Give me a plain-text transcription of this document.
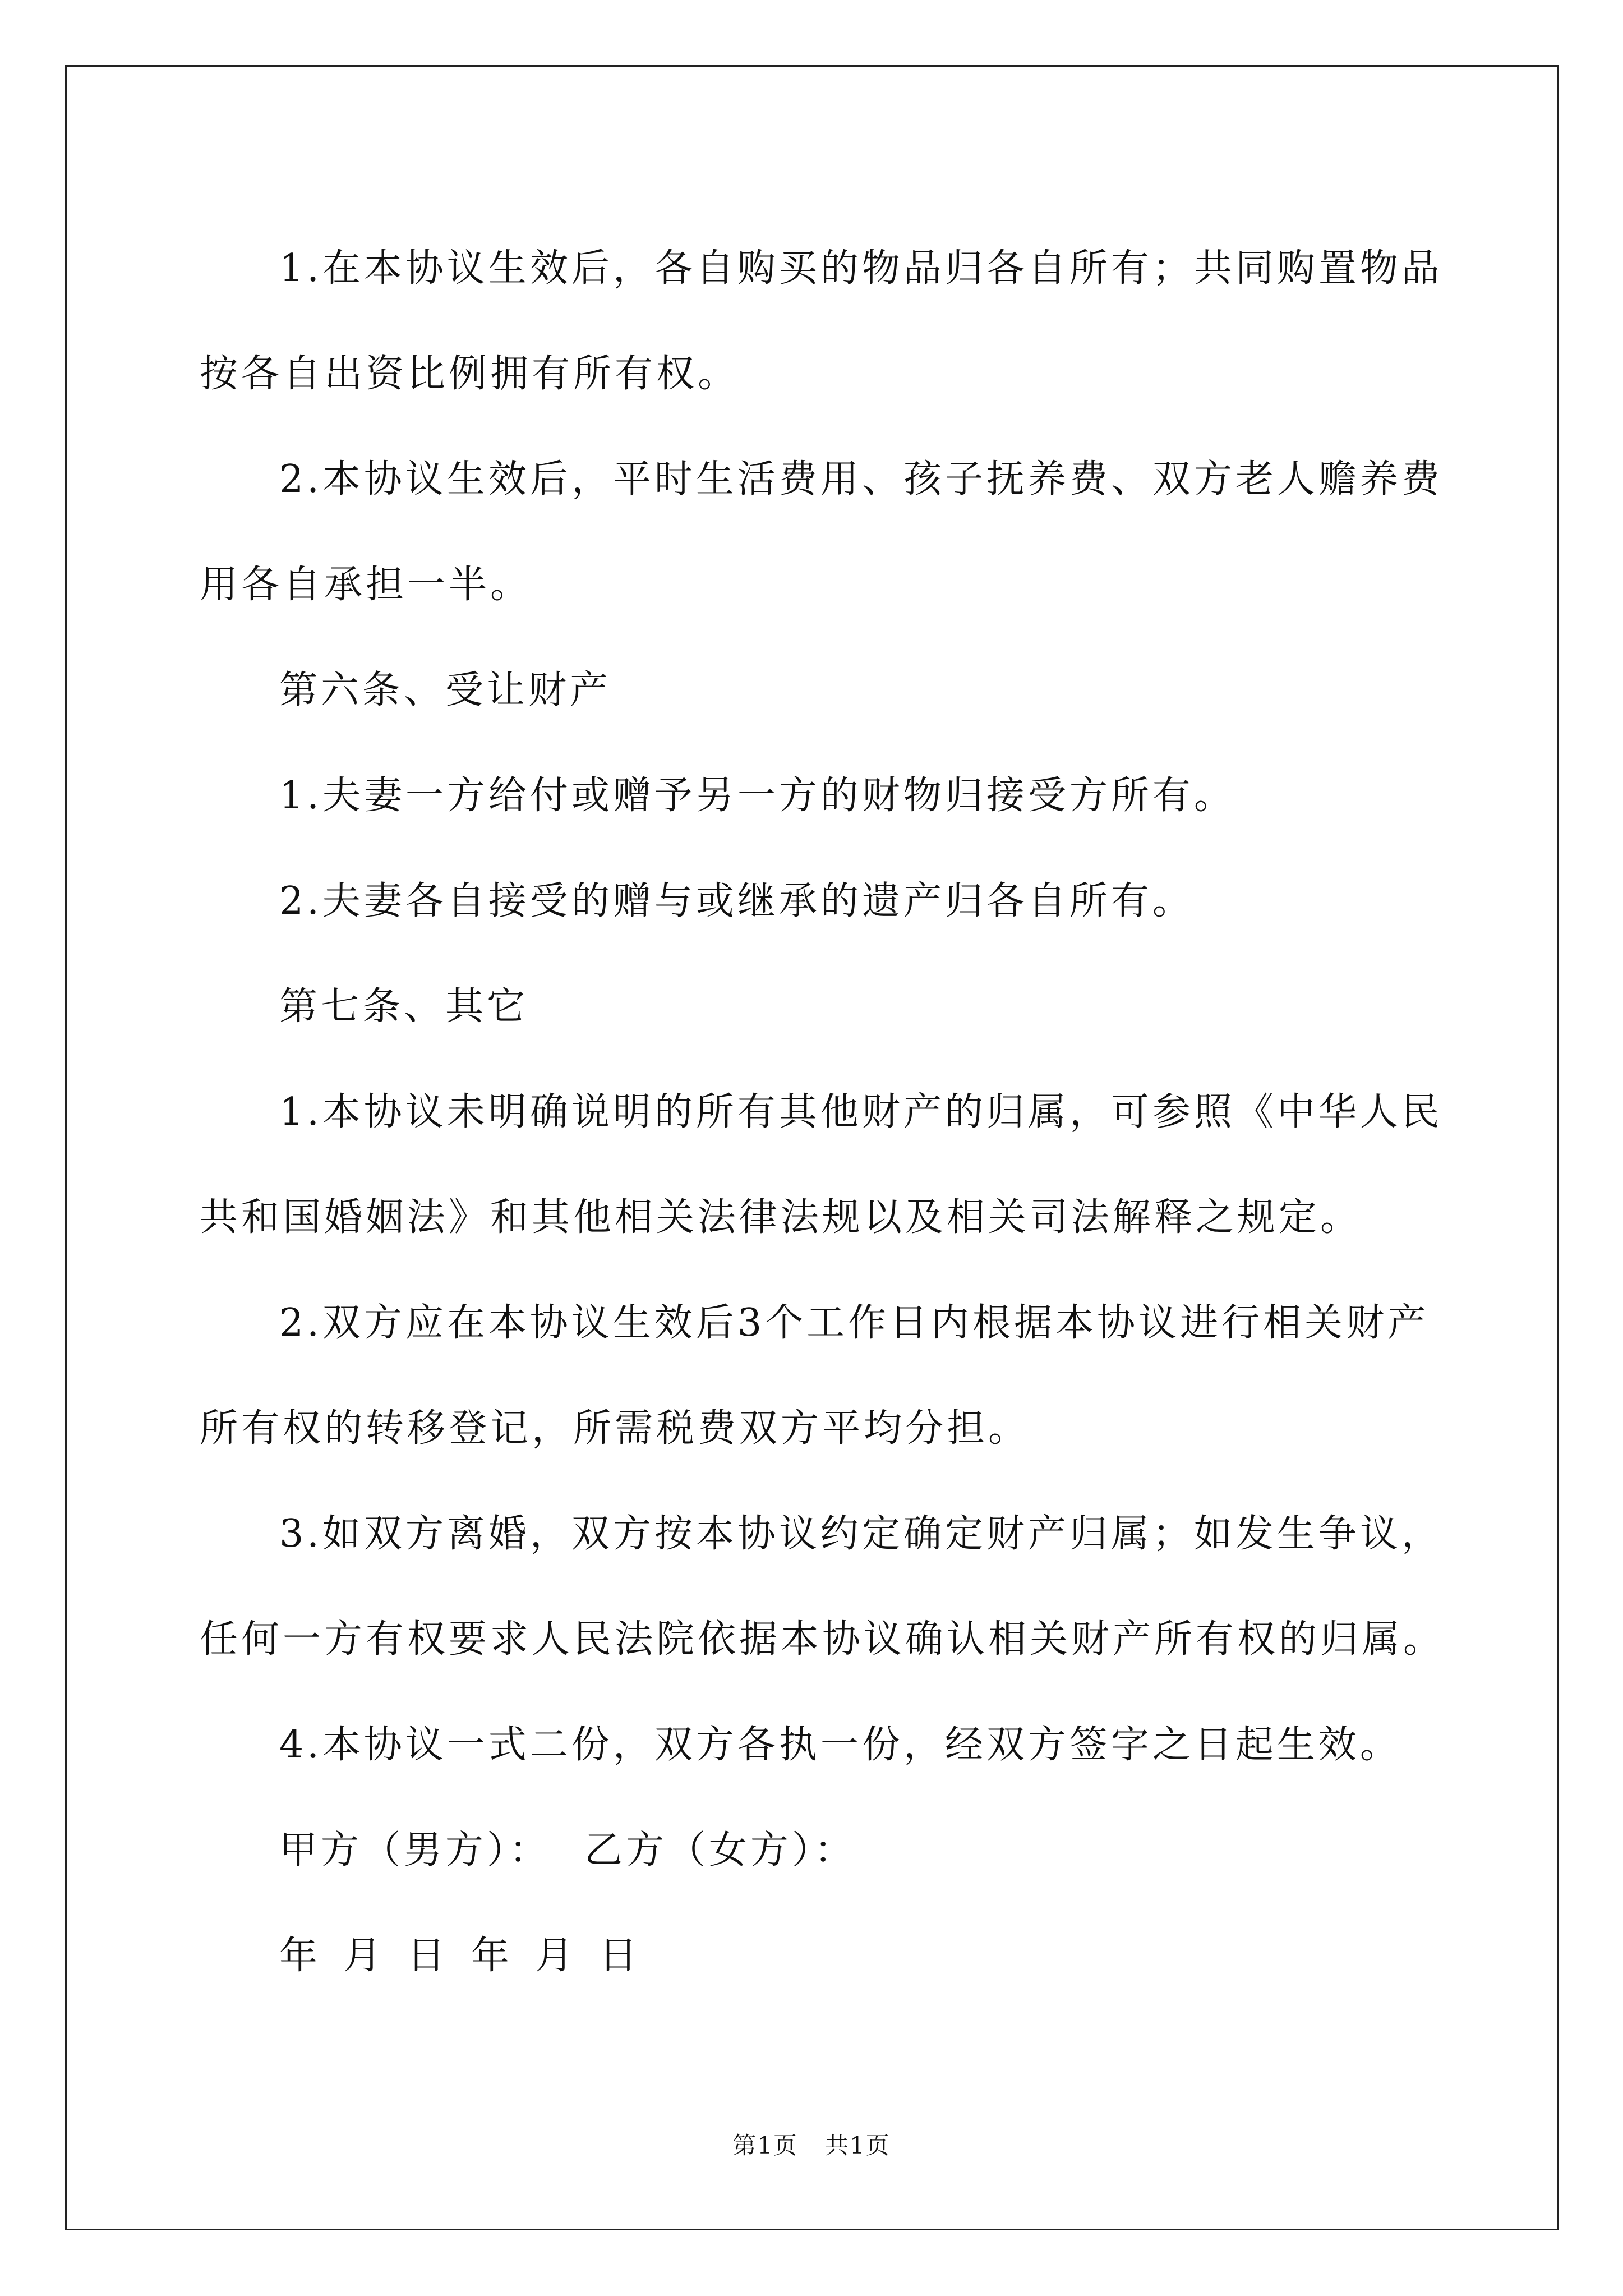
1.在本协议生效后，各自购买的物品归各自所有；共同购置物品

按各自出资比例拥有所有权。

2.本协议生效后，平时生活费用、孩子抚养费、双方老人赡养费

用各自承担一半。

第六条、受让财产

1.夫妻一方给付或赠予另一方的财物归接受方所有。

2.夫妻各自接受的赠与或继承的遗产归各自所有。

第七条、其它

1.本协议未明确说明的所有其他财产的归属，可参照《中华人民

共和国婚姻法》和其他相关法律法规以及相关司法解释之规定。

2.双方应在本协议生效后3个工作日内根据本协议进行相关财产

所有权的转移登记，所需税费双方平均分担。

3.如双方离婚，双方按本协议约定确定财产归属；如发生争议，

任何一方有权要求人民法院依据本协议确认相关财产所有权的归属。

4.本协议一式二份，双方各执一份，经双方签字之日起生效。

甲方（男方）： 乙方（女方）：

年 月 日 年 月 日

第1页 共1页
